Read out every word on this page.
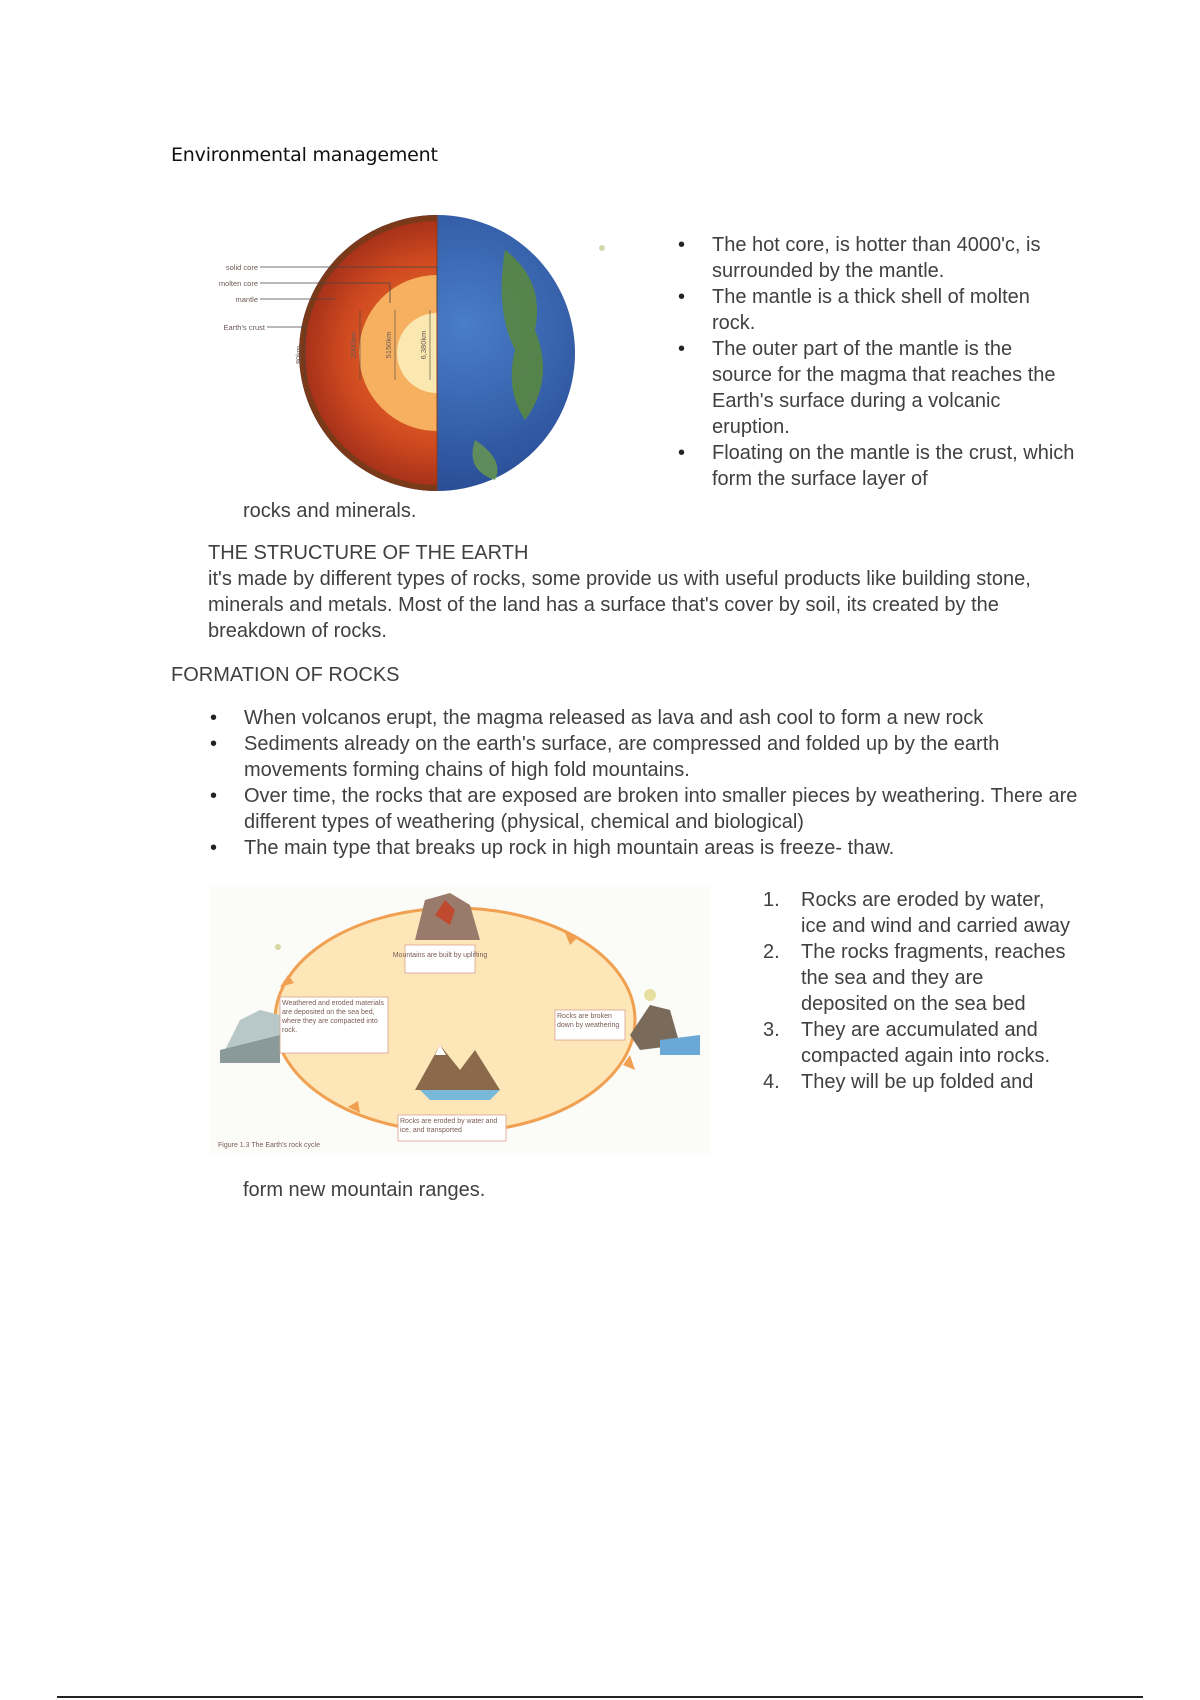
Environmental management
solid core
molten core
mantle
Earth's crust
80km	2900km	5150km	6,380km
• The hot core, is hotter than 4000'c, is surrounded by the mantle.
• The mantle is a thick shell of molten rock.
• The outer part of the mantle is the source for the magma that reaches the Earth's surface during a volcanic eruption.
• Floating on the mantle is the crust, which form the surface layer of
rocks and minerals.
THE STRUCTURE OF THE EARTH
it's made by different types of rocks, some provide us with useful products like building stone, minerals and metals. Most of the land has a surface that's cover by soil, its created by the breakdown of rocks.
FORMATION OF ROCKS
• When volcanos erupt, the magma released as lava and ash cool to form a new rock
• Sediments already on the earth's surface, are compressed and folded up by the earth movements forming chains of high fold mountains.
• Over time, the rocks that are exposed are broken into smaller pieces by weathering. There are different types of weathering (physical, chemical and biological)
• The main type that breaks up rock in high mountain areas is freeze- thaw.
Mountains are built by uplifting
Weathered and eroded materials are deposited on the sea bed, where they are compacted into rock.
Rocks are broken down by weathering
Rocks are eroded by water and ice, and transported
Figure 1.3 The Earth's rock cycle
1. Rocks are eroded by water, ice and wind and carried away
2. The rocks fragments, reaches the sea and they are deposited on the sea bed
3. They are accumulated and compacted again into rocks.
4. They will be up folded and
form new mountain ranges.
